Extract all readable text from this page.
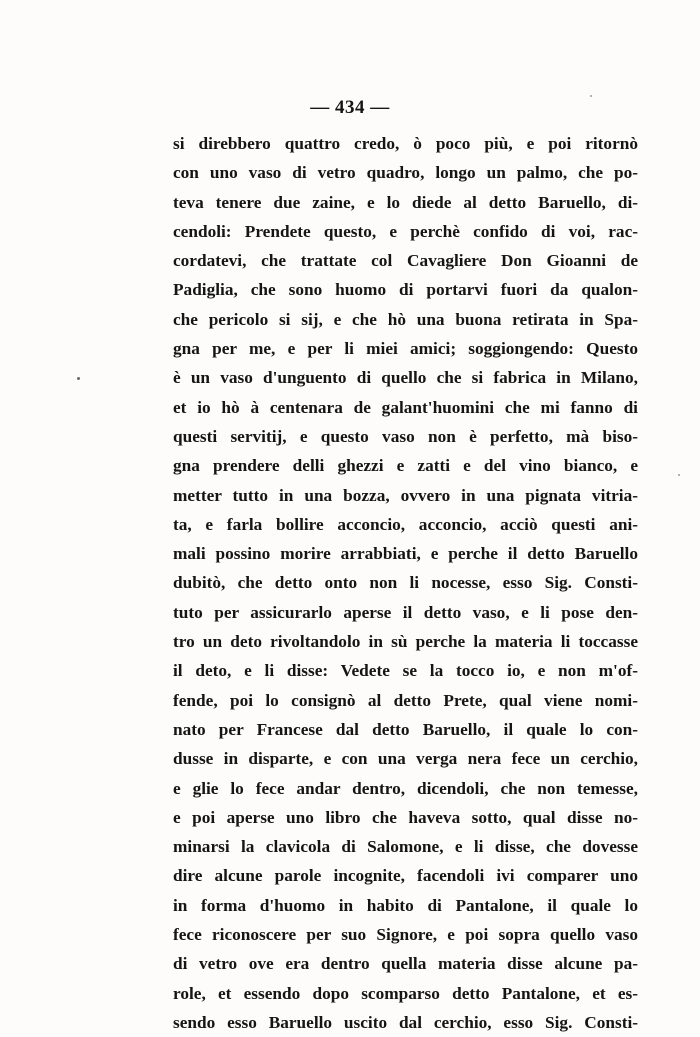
— 434 —
si direbbero quattro credo, ò poco più, e poi ritornò
con uno vaso di vetro quadro, longo un palmo, che po-
teva tenere due zaine, e lo diede al detto Baruello, di-
cendoli: Prendete questo, e perchè confido di voi, rac-
cordatevi, che trattate col Cavagliere Don Gioanni de
Padiglia, che sono huomo di portarvi fuori da qualon-
che pericolo si sij, e che hò una buona retirata in Spa-
gna per me, e per li miei amici; soggiongendo: Questo
è un vaso d'unguento di quello che si fabrica in Milano,
et io hò à centenara de galant'huomini che mi fanno di
questi servitij, e questo vaso non è perfetto, mà biso-
gna prendere delli ghezzi e zatti e del vino bianco, e
metter tutto in una bozza, ovvero in una pignata vitria-
ta, e farla bollire acconcio, acconcio, acciò questi ani-
mali possino morire arrabbiati, e perche il detto Baruello
dubitò, che detto onto non li nocesse, esso Sig. Consti-
tuto per assicurarlo aperse il detto vaso, e li pose den-
tro un deto rivoltandolo in sù perche la materia li toccasse
il deto, e li disse: Vedete se la tocco io, e non m'of-
fende, poi lo consignò al detto Prete, qual viene nomi-
nato per Francese dal detto Baruello, il quale lo con-
dusse in disparte, e con una verga nera fece un cerchio,
e glie lo fece andar dentro, dicendoli, che non temesse,
e poi aperse uno libro che haveva sotto, qual disse no-
minarsi la clavicola di Salomone, e li disse, che dovesse
dire alcune parole incognite, facendoli ivi comparer uno
in forma d'huomo in habito di Pantalone, il quale lo
fece riconoscere per suo Signore, e poi sopra quello vaso
di vetro ove era dentro quella materia disse alcune pa-
role, et essendo dopo scomparso detto Pantalone, et es-
sendo esso Baruello uscito dal cerchio, esso Sig. Consti-
